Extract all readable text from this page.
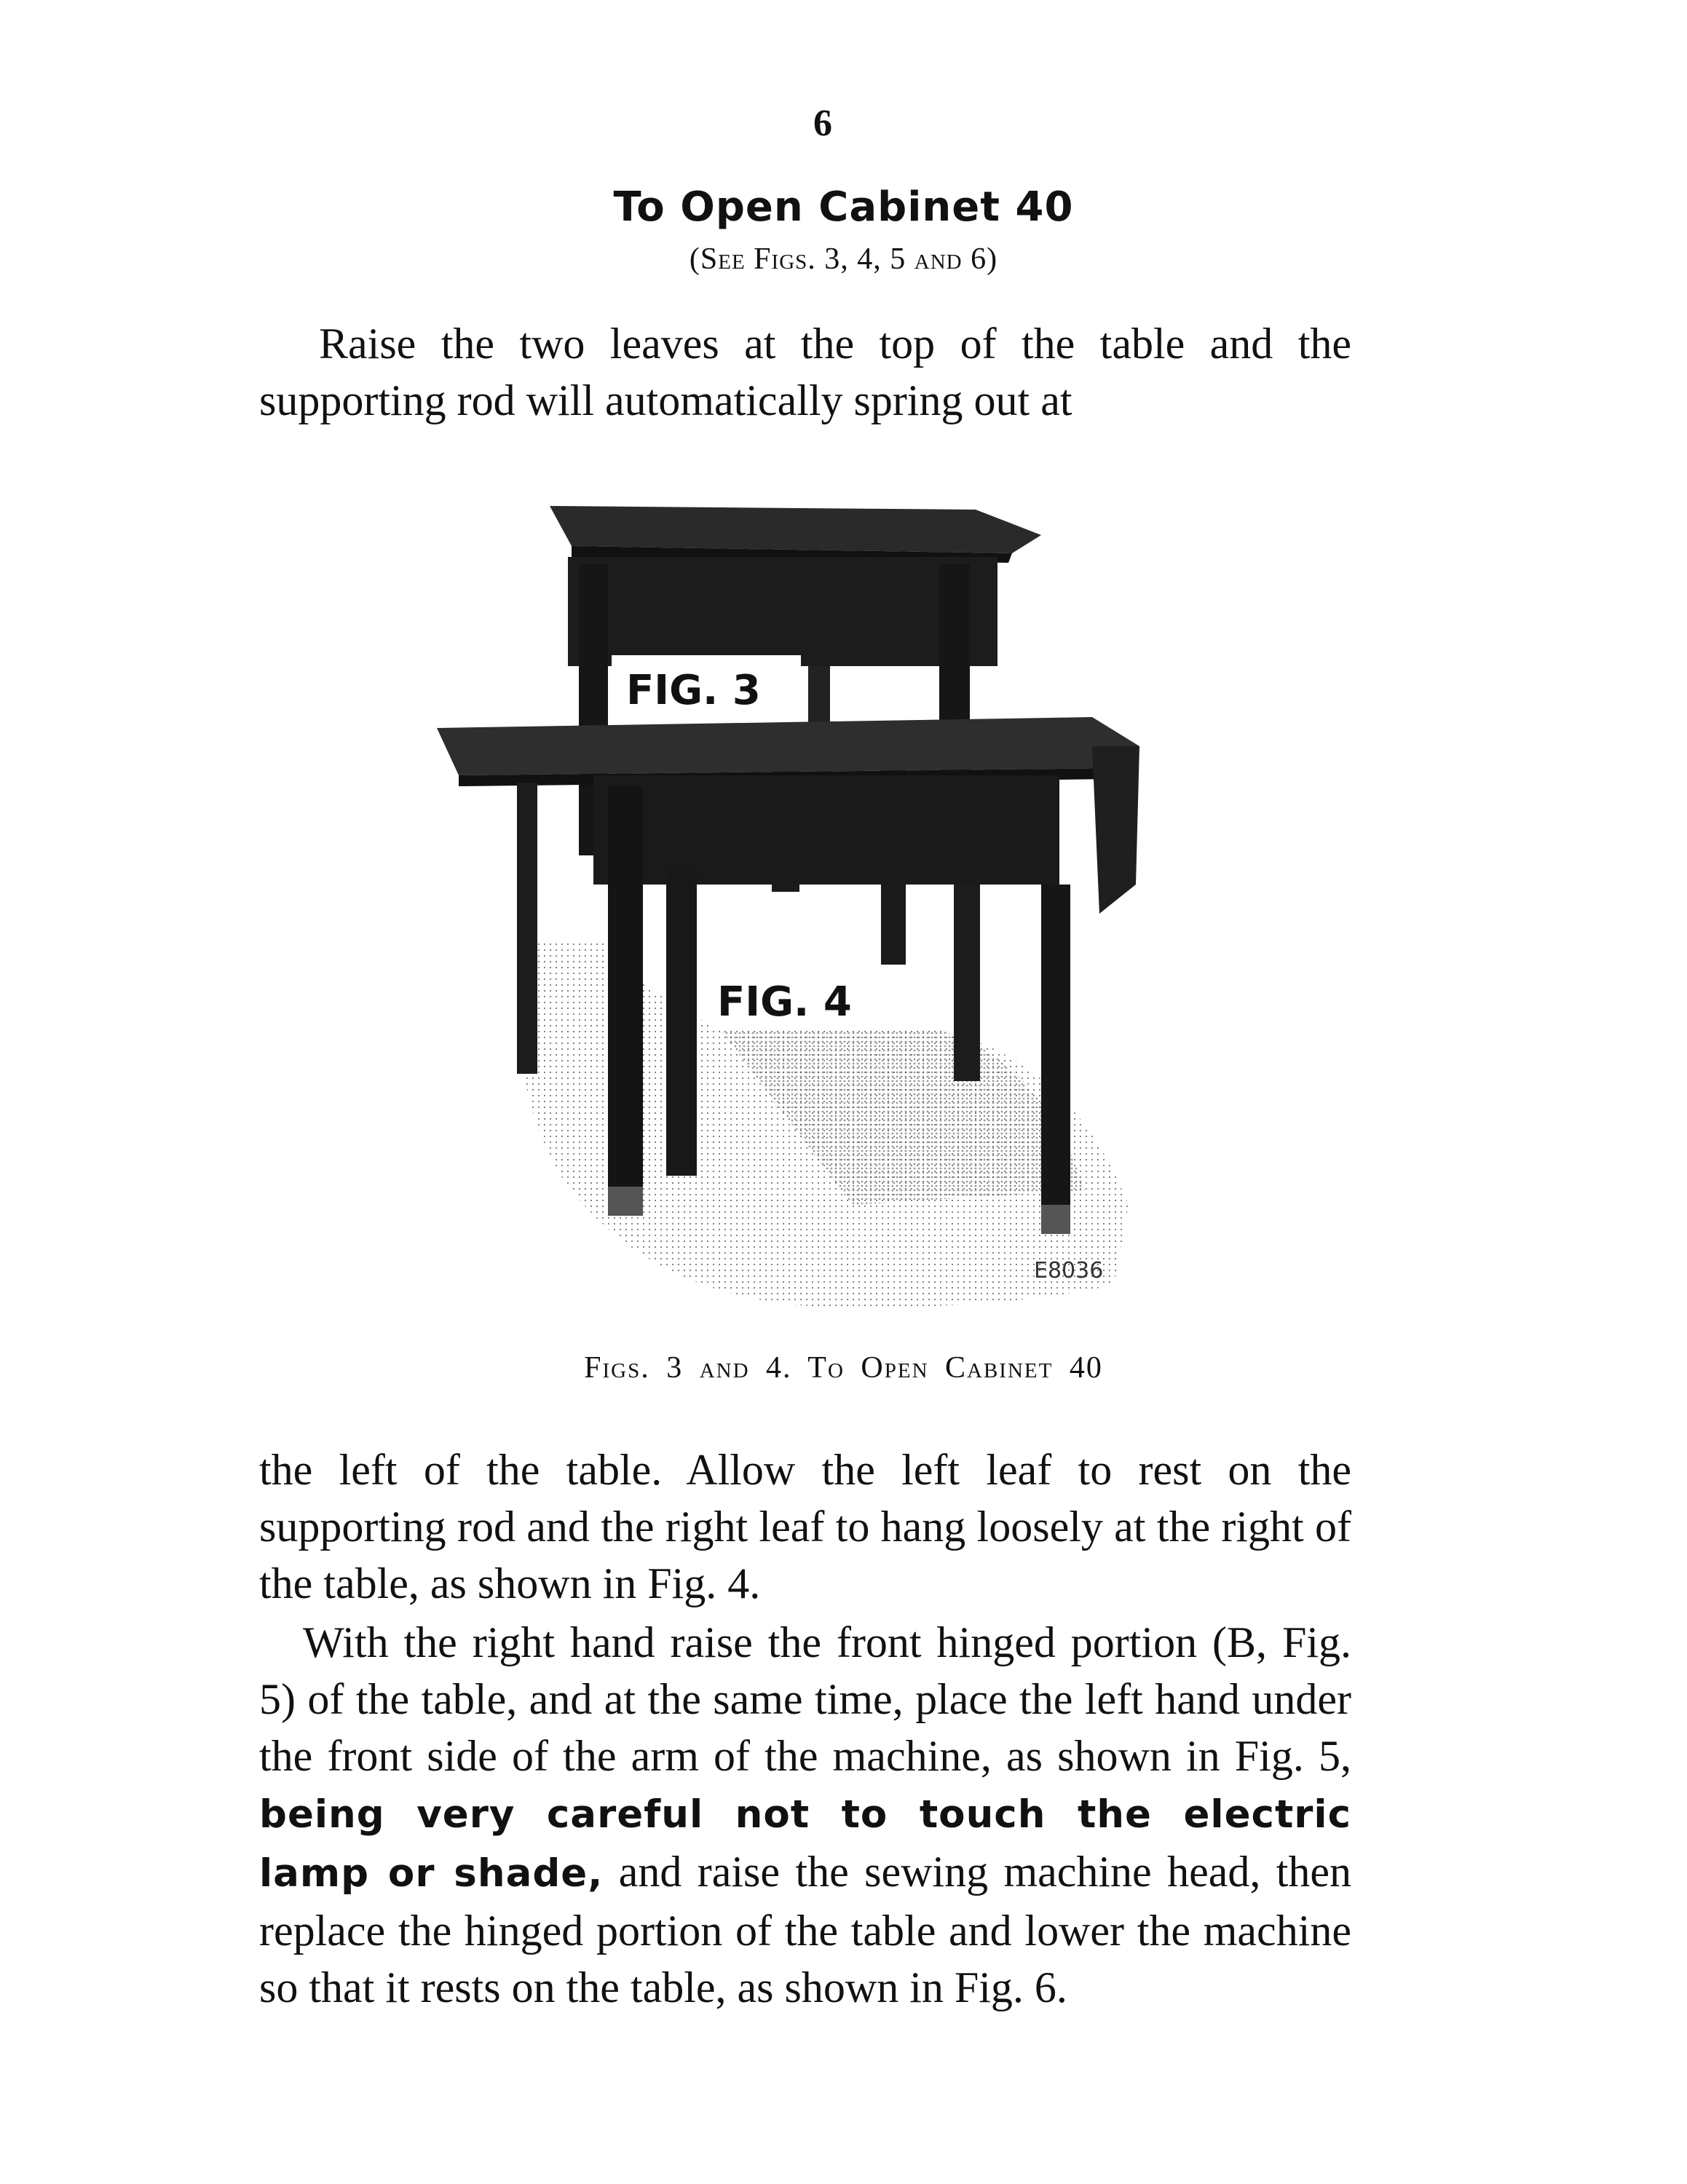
6
To Open Cabinet 40
(See Figs. 3, 4, 5 and 6)

Raise the two leaves at the top of the table and the supporting rod will automatically spring out at

FIG. 3
FIG. 4
E8036
Figs. 3 and 4. To Open Cabinet 40

the left of the table. Allow the left leaf to rest on the supporting rod and the right leaf to hang loosely at the right of the table, as shown in Fig. 4.

With the right hand raise the front hinged portion (B, Fig. 5) of the table, and at the same time, place the left hand under the front side of the arm of the machine, as shown in Fig. 5, being very careful not to touch the electric lamp or shade, and raise the sewing machine head, then replace the hinged portion of the table and lower the machine so that it rests on the table, as shown in Fig. 6.
